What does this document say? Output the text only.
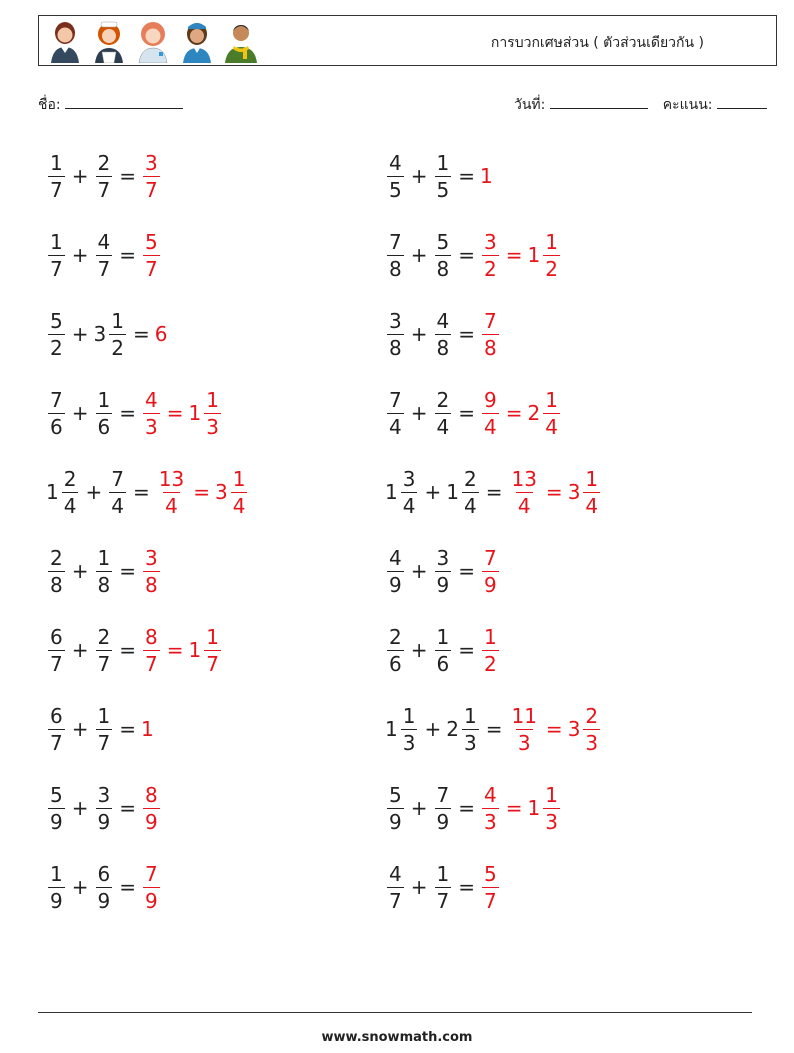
การบวกเศษส่วน ( ตัวส่วนเดียวกัน )
ชื่อ:	วันที่:	คะแนน:
$\frac{1}{7} + \frac{2}{7} = \frac{3}{7}$	$\frac{4}{5} + \frac{1}{5} = 1$
$\frac{1}{7} + \frac{4}{7} = \frac{5}{7}$	$\frac{7}{8} + \frac{5}{8} = \frac{3}{2} = 1 \frac{1}{2}$
$\frac{5}{2} + 3 \frac{1}{2} = 6$	$\frac{3}{8} + \frac{4}{8} = \frac{7}{8}$
$\frac{7}{6} + \frac{1}{6} = \frac{4}{3} = 1 \frac{1}{3}$	$\frac{7}{4} + \frac{2}{4} = \frac{9}{4} = 2 \frac{1}{4}$
$1 \frac{2}{4} + \frac{7}{4} = \frac{13}{4} = 3 \frac{1}{4}$	$1 \frac{3}{4} + 1 \frac{2}{4} = \frac{13}{4} = 3 \frac{1}{4}$
$\frac{2}{8} + \frac{1}{8} = \frac{3}{8}$	$\frac{4}{9} + \frac{3}{9} = \frac{7}{9}$
$\frac{6}{7} + \frac{2}{7} = \frac{8}{7} = 1 \frac{1}{7}$	$\frac{2}{6} + \frac{1}{6} = \frac{1}{2}$
$\frac{6}{7} + \frac{1}{7} = 1$	$1 \frac{1}{3} + 2 \frac{1}{3} = \frac{11}{3} = 3 \frac{2}{3}$
$\frac{5}{9} + \frac{3}{9} = \frac{8}{9}$	$\frac{5}{9} + \frac{7}{9} = \frac{4}{3} = 1 \frac{1}{3}$
$\frac{1}{9} + \frac{6}{9} = \frac{7}{9}$	$\frac{4}{7} + \frac{1}{7} = \frac{5}{7}$
www.snowmath.com
